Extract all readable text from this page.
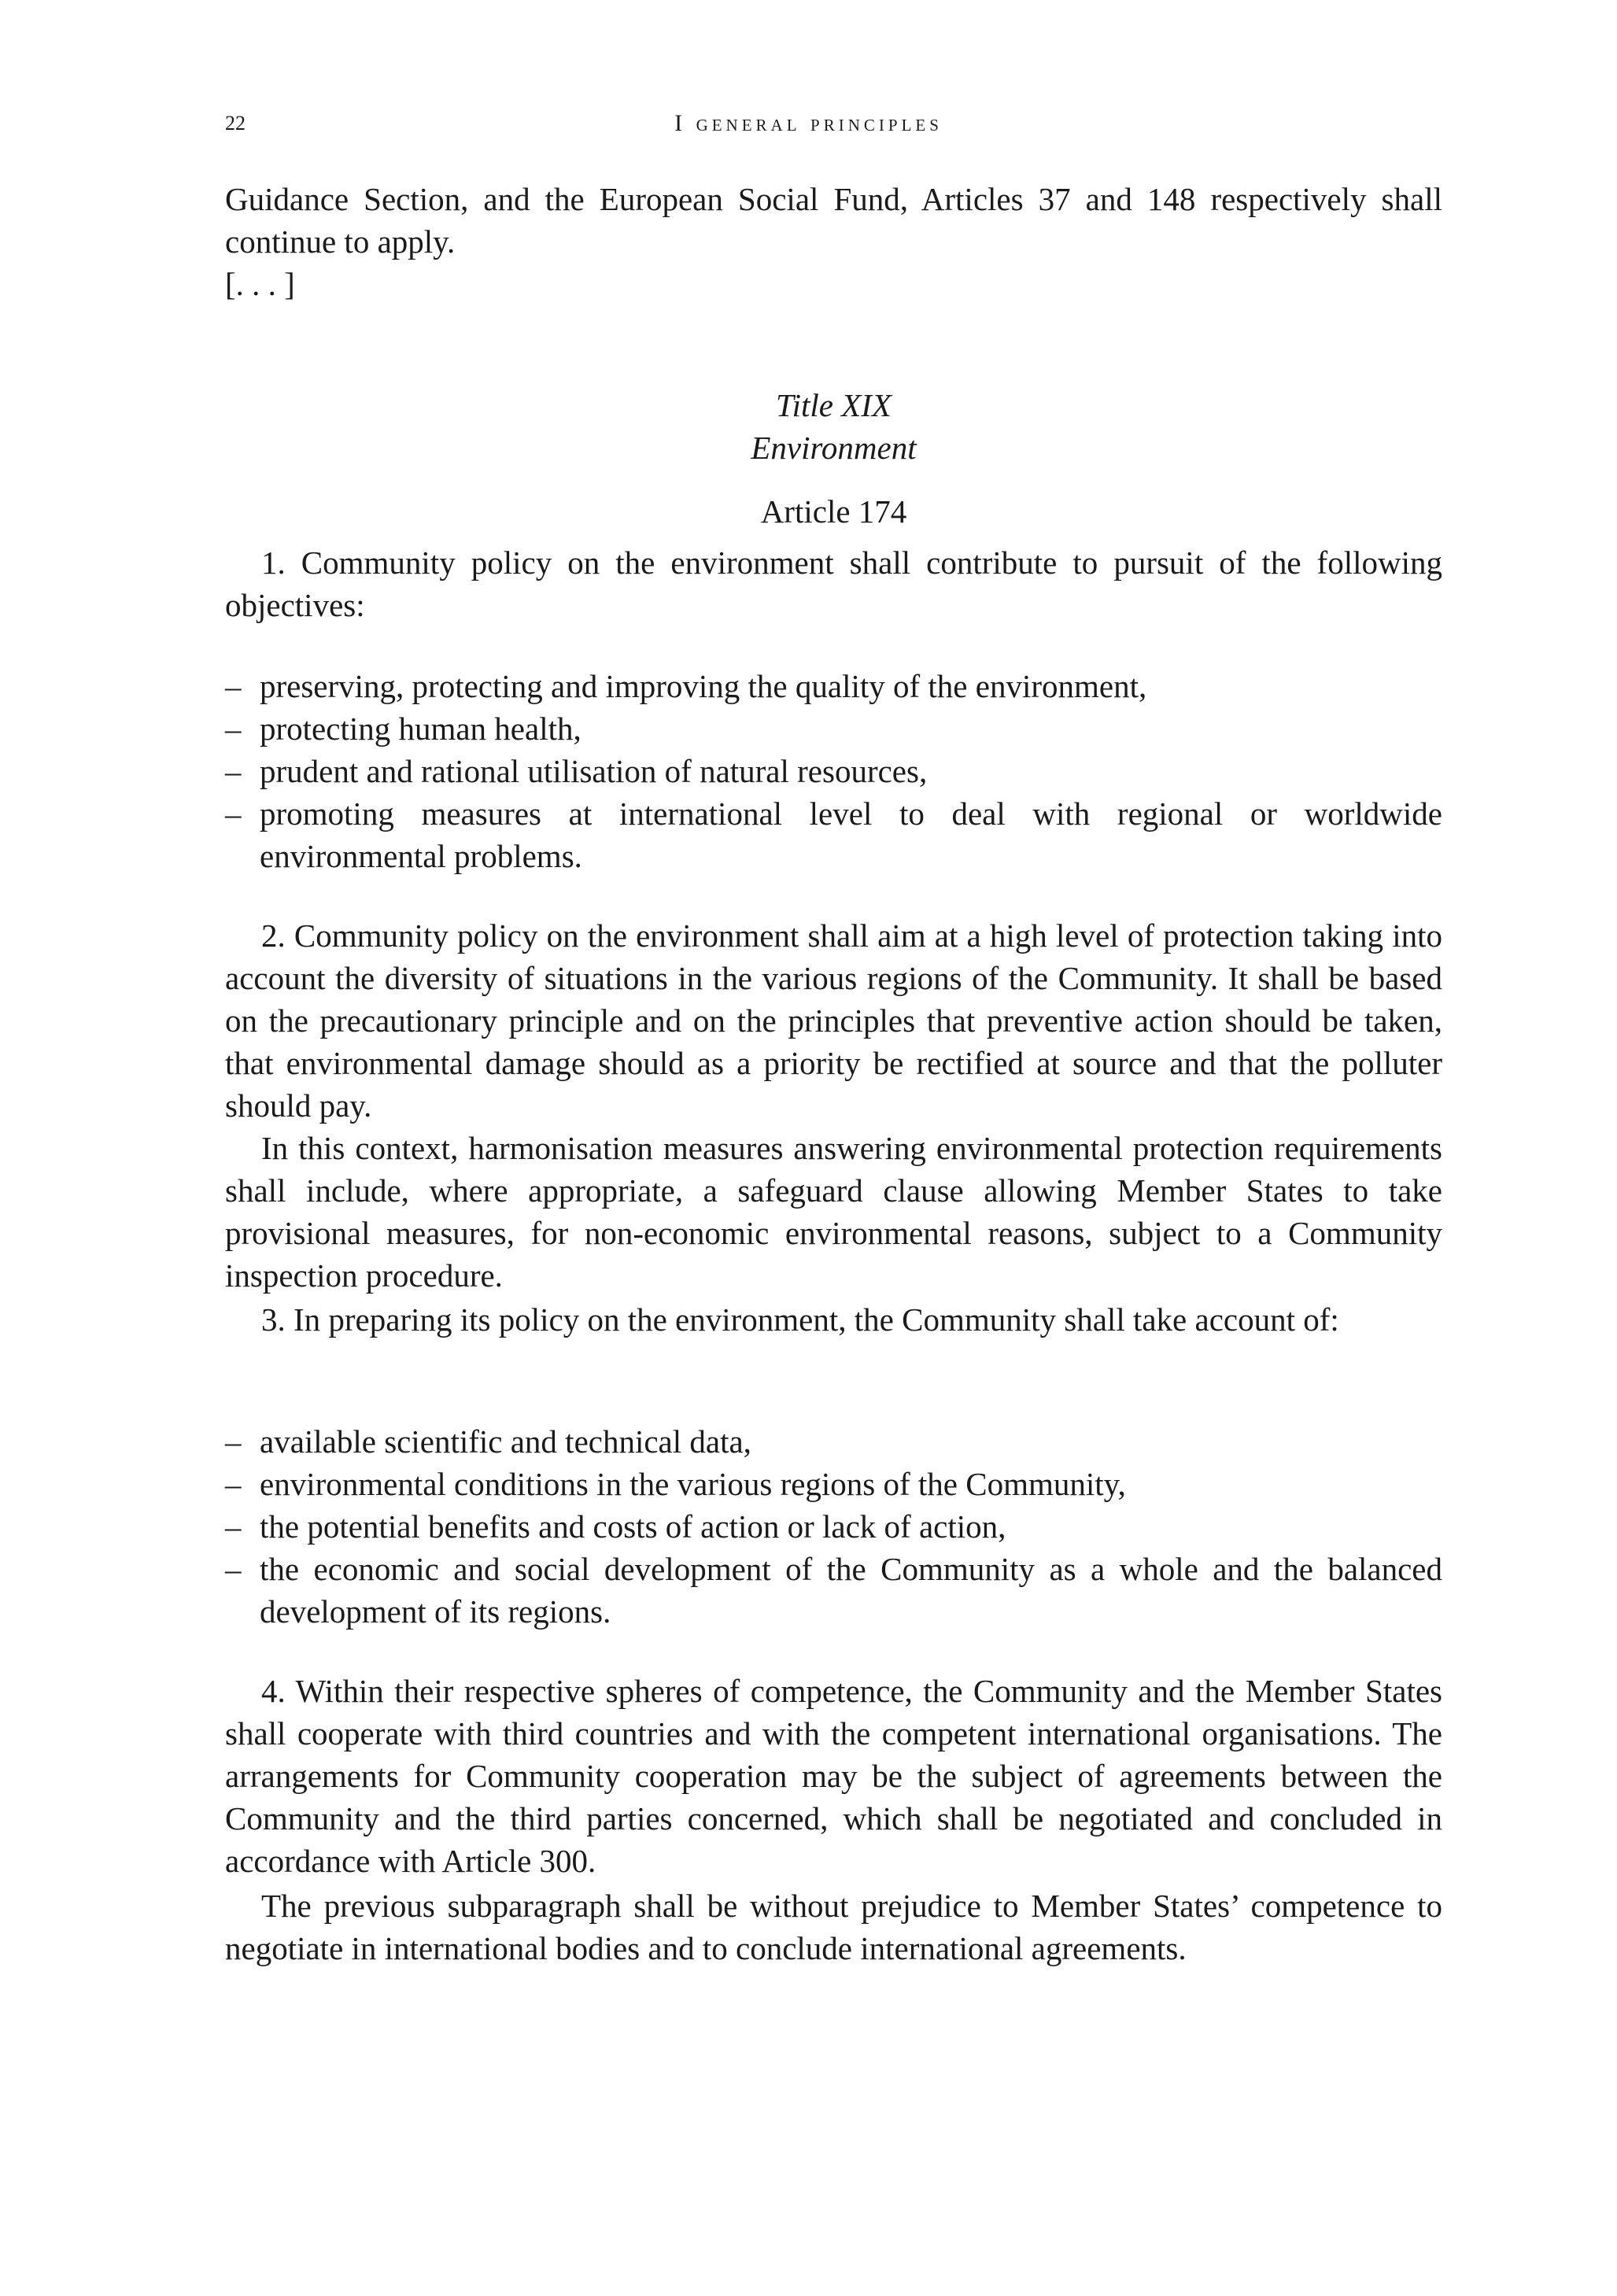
22	I general principles
Guidance Section, and the European Social Fund, Articles 37 and 148 respectively shall continue to apply.
[. . . ]
Title XIX
Environment
Article 174
1. Community policy on the environment shall contribute to pursuit of the following objectives:
– preserving, protecting and improving the quality of the environment,
– protecting human health,
– prudent and rational utilisation of natural resources,
– promoting measures at international level to deal with regional or worldwide environmental problems.
2. Community policy on the environment shall aim at a high level of protection taking into account the diversity of situations in the various regions of the Community. It shall be based on the precautionary principle and on the principles that preventive action should be taken, that environmental damage should as a priority be rectified at source and that the polluter should pay.
In this context, harmonisation measures answering environmental protection requirements shall include, where appropriate, a safeguard clause allowing Member States to take provisional measures, for non-economic environmental reasons, subject to a Community inspection procedure.
3. In preparing its policy on the environment, the Community shall take account of:
– available scientific and technical data,
– environmental conditions in the various regions of the Community,
– the potential benefits and costs of action or lack of action,
– the economic and social development of the Community as a whole and the balanced development of its regions.
4. Within their respective spheres of competence, the Community and the Member States shall cooperate with third countries and with the competent international organisations. The arrangements for Community cooperation may be the subject of agreements between the Community and the third parties concerned, which shall be negotiated and concluded in accordance with Article 300.
The previous subparagraph shall be without prejudice to Member States’ competence to negotiate in international bodies and to conclude international agreements.
